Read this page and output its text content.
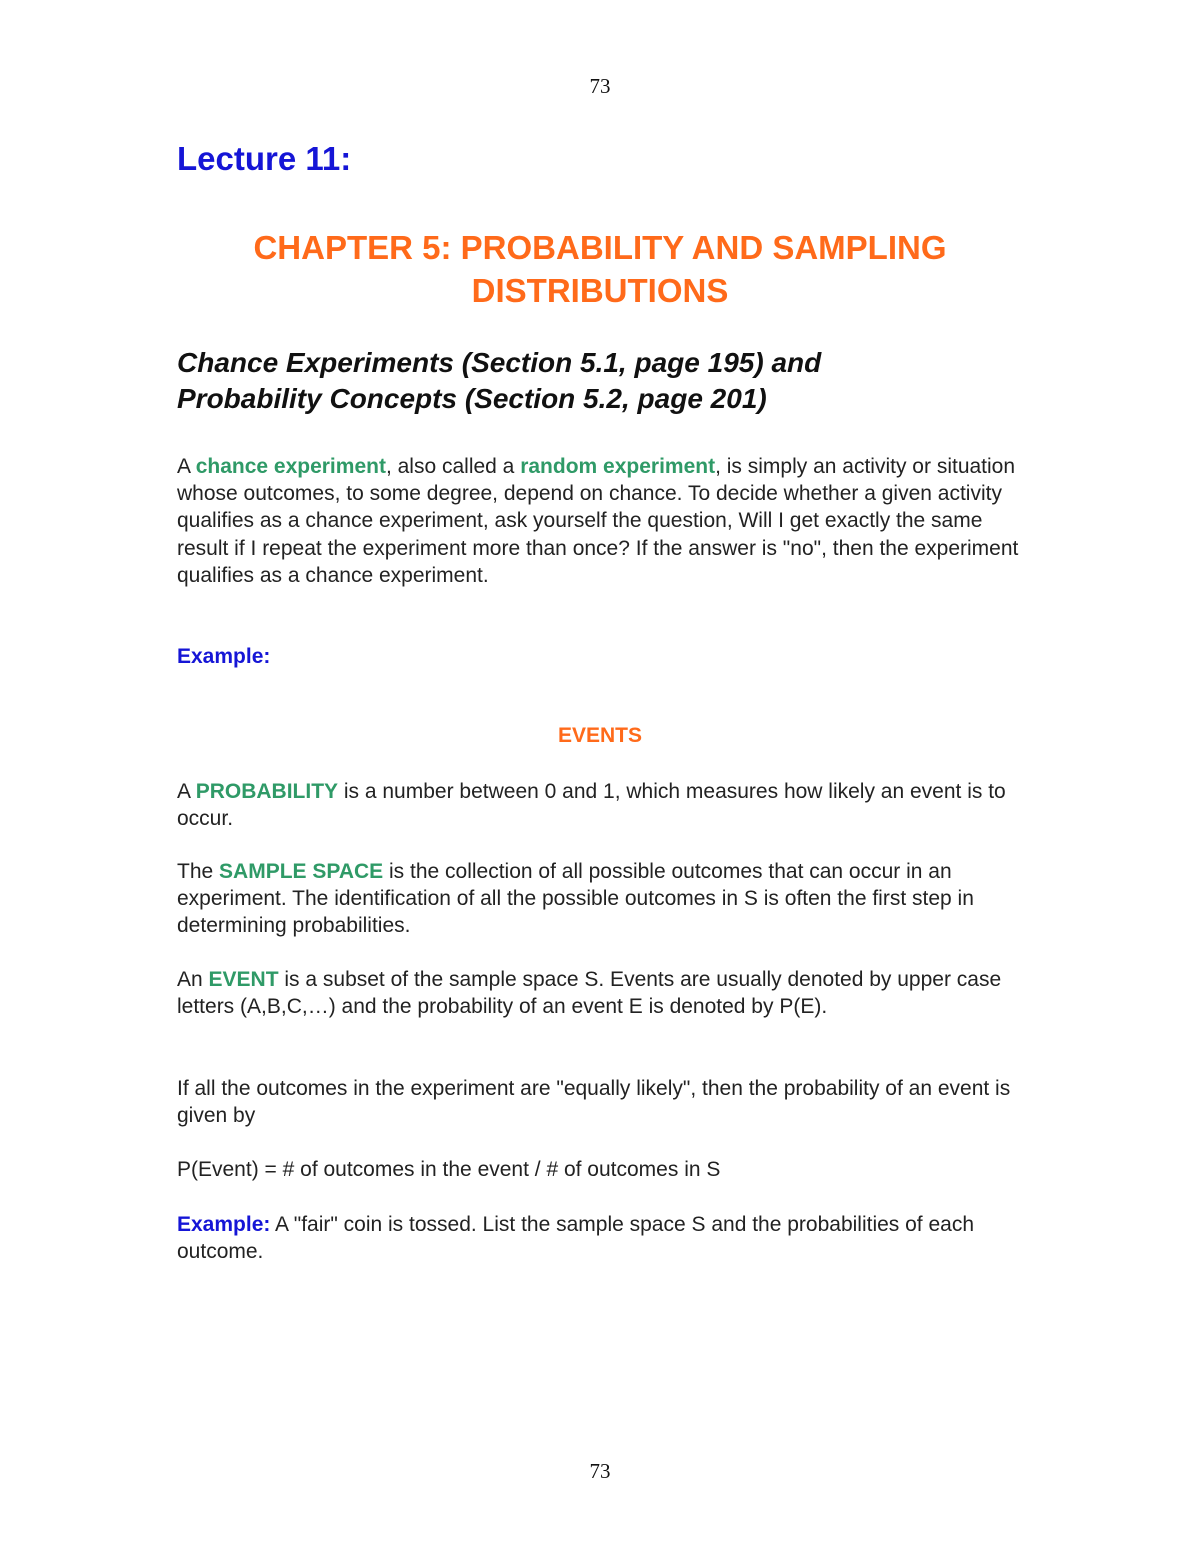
73
Lecture 11:
CHAPTER 5: PROBABILITY AND SAMPLING DISTRIBUTIONS
Chance Experiments (Section 5.1, page 195) and
Probability Concepts (Section 5.2, page 201)

A chance experiment, also called a random experiment, is simply an activity or situation whose outcomes, to some degree, depend on chance. To decide whether a given activity qualifies as a chance experiment, ask yourself the question, Will I get exactly the same result if I repeat the experiment more than once? If the answer is "no", then the experiment qualifies as a chance experiment.

Example:

EVENTS

A PROBABILITY is a number between 0 and 1, which measures how likely an event is to occur.

The SAMPLE SPACE is the collection of all possible outcomes that can occur in an experiment. The identification of all the possible outcomes in S is often the first step in determining probabilities.

An EVENT is a subset of the sample space S. Events are usually denoted by upper case letters (A,B,C,…) and the probability of an event E is denoted by P(E).

If all the outcomes in the experiment are "equally likely", then the probability of an event is given by

P(Event) = # of outcomes in the event / # of outcomes in S

Example: A "fair" coin is tossed. List the sample space S and the probabilities of each outcome.

73
